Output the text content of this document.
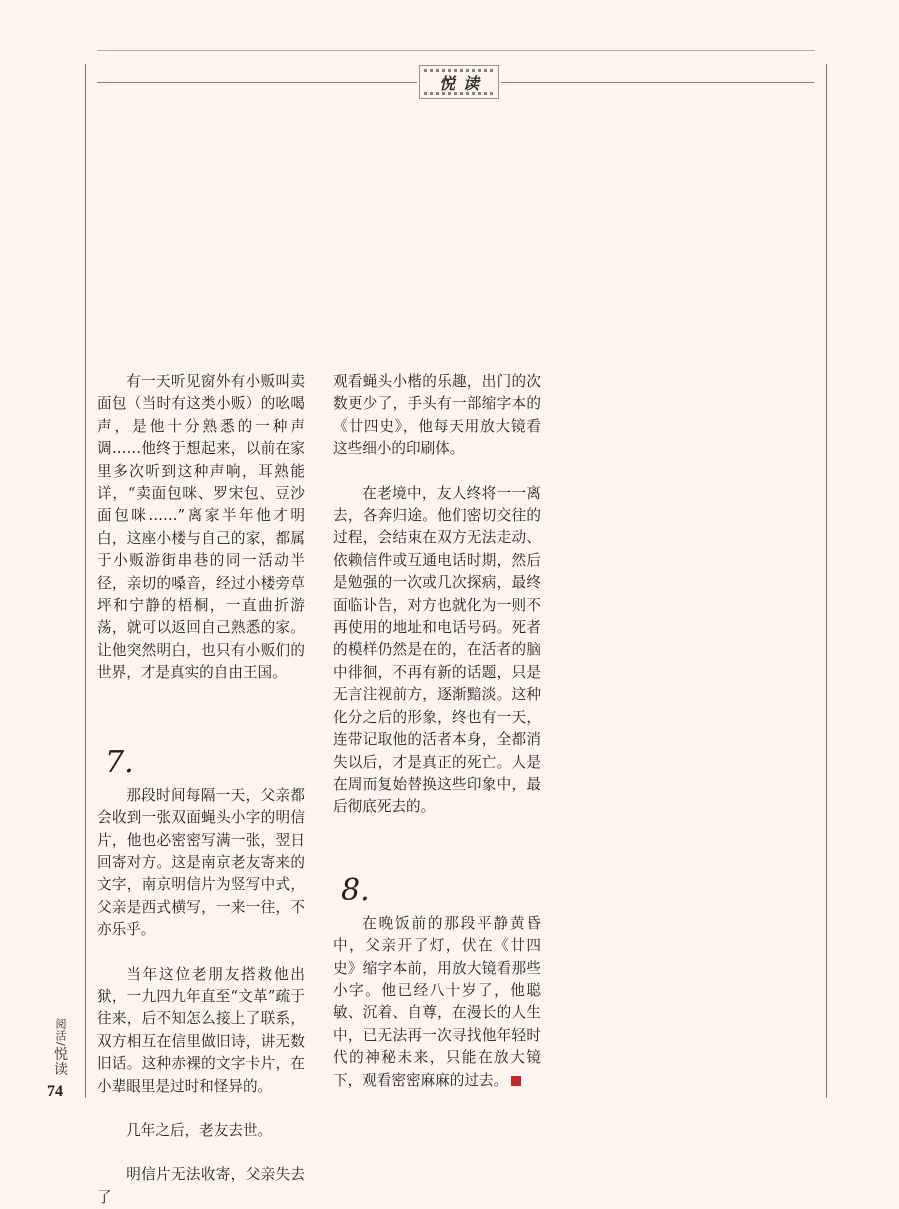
悦读

有一天听见窗外有小贩叫卖面包（当时有这类小贩）的吆喝声，是他十分熟悉的一种声调……他终于想起来，以前在家里多次听到这种声响，耳熟能详，“卖面包咪、罗宋包、豆沙面包咪……”离家半年他才明白，这座小楼与自己的家，都属于小贩游街串巷的同一活动半径，亲切的嗓音，经过小楼旁草坪和宁静的梧桐，一直曲折游荡，就可以返回自己熟悉的家。让他突然明白，也只有小贩们的世界，才是真实的自由王国。

7.

那段时间每隔一天，父亲都会收到一张双面蝇头小字的明信片，他也必密密写满一张，翌日回寄对方。这是南京老友寄来的文字，南京明信片为竖写中式，父亲是西式横写，一来一往，不亦乐乎。

当年这位老朋友搭救他出狱，一九四九年直至“文革”疏于往来，后不知怎么接上了联系，双方相互在信里做旧诗，讲无数旧话。这种赤裸的文字卡片，在小辈眼里是过时和怪异的。

几年之后，老友去世。

明信片无法收寄，父亲失去了

观看蝇头小楷的乐趣，出门的次数更少了，手头有一部缩字本的《廿四史》，他每天用放大镜看这些细小的印刷体。

在老境中，友人终将一一离去，各奔归途。他们密切交往的过程，会结束在双方无法走动、依赖信件或互通电话时期，然后是勉强的一次或几次探病，最终面临讣告，对方也就化为一则不再使用的地址和电话号码。死者的模样仍然是在的，在活者的脑中徘徊，不再有新的话题，只是无言注视前方，逐渐黯淡。这种化分之后的形象，终也有一天，连带记取他的活者本身，全都消失以后，才是真正的死亡。人是在周而复始替换这些印象中，最后彻底死去的。

8.

在晚饭前的那段平静黄昏中，父亲开了灯，伏在《廿四史》缩字本前，用放大镜看那些小字。他已经八十岁了，他聪敏、沉着、自尊，在漫长的人生中，已无法再一次寻找他年轻时代的神秘未来，只能在放大镜下，观看密密麻麻的过去。

阅活/悦读
74
